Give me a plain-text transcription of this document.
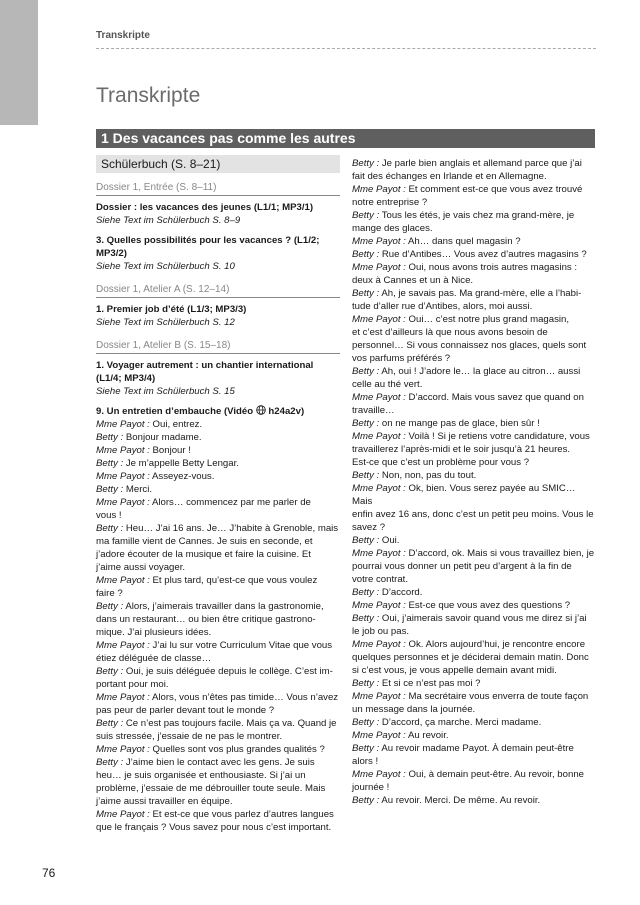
Transkripte
Transkripte
1 Des vacances pas comme les autres
Schülerbuch (S. 8–21)
Dossier 1, Entrée (S. 8–11)
Dossier : les vacances des jeunes (L1/1; MP3/1)
Siehe Text im Schülerbuch S. 8–9
3. Quelles possibilités pour les vacances ? (L1/2; MP3/2)
Siehe Text im Schülerbuch S. 10
Dossier 1, Atelier A (S. 12–14)
1. Premier job d’été (L1/3; MP3/3)
Siehe Text im Schülerbuch S. 12
Dossier 1, Atelier B (S. 15–18)
1. Voyager autrement : un chantier international
(L1/4; MP3/4)
Siehe Text im Schülerbuch S. 15
9. Un entretien d’embauche (Vidéo  h24a2v)
Mme Payot : Oui, entrez.
Betty : Bonjour madame.
Mme Payot : Bonjour !
Betty : Je m’appelle Betty Lengar.
Mme Payot : Asseyez-vous.
Betty : Merci.
Mme Payot : Alors… commencez par me parler de
vous !
Betty : Heu… J’ai 16 ans. Je… J’habite à Grenoble, mais
ma famille vient de Cannes. Je suis en seconde, et
j’adore écouter de la musique et faire la cuisine. Et
j’aime aussi voyager.
Mme Payot : Et plus tard, qu’est-ce que vous voulez
faire ?
Betty : Alors, j’aimerais travailler dans la gastronomie,
dans un restaurant… ou bien être critique gastrono-
mique. J’ai plusieurs idées.
Mme Payot : J’ai lu sur votre Curriculum Vitae que vous
étiez déléguée de classe…
Betty : Oui, je suis déléguée depuis le collège. C’est im-
portant pour moi.
Mme Payot : Alors, vous n’êtes pas timide… Vous n’avez
pas peur de parler devant tout le monde ?
Betty : Ce n’est pas toujours facile. Mais ça va. Quand je
suis stressée, j’essaie de ne pas le montrer.
Mme Payot : Quelles sont vos plus grandes qualités ?
Betty : J’aime bien le contact avec les gens. Je suis
heu… je suis organisée et enthousiaste. Si j’ai un
problème, j’essaie de me débrouiller toute seule. Mais
j’aime aussi travailler en équipe.
Mme Payot : Et est-ce que vous parlez d’autres langues
que le français ? Vous savez pour nous c’est important.
Betty : Je parle bien anglais et allemand parce que j’ai
fait des échanges en Irlande et en Allemagne.
Mme Payot : Et comment est-ce que vous avez trouvé
notre entreprise ?
Betty : Tous les étés, je vais chez ma grand-mère, je
mange des glaces.
Mme Payot : Ah… dans quel magasin ?
Betty : Rue d’Antibes… Vous avez d’autres magasins ?
Mme Payot : Oui, nous avons trois autres magasins :
deux à Cannes et un à Nice.
Betty : Ah, je savais pas. Ma grand-mère, elle a l’habi-
tude d’aller rue d’Antibes, alors, moi aussi.
Mme Payot : Oui… c’est notre plus grand magasin,
et c’est d’ailleurs là que nous avons besoin de
personnel… Si vous connaissez nos glaces, quels sont
vos parfums préférés ?
Betty : Ah, oui ! J’adore le… la glace au citron… aussi
celle au thé vert.
Mme Payot : D’accord. Mais vous savez que quand on
travaille…
Betty : on ne mange pas de glace, bien sûr !
Mme Payot : Voilà ! Si je retiens votre candidature, vous
travaillerez l’après-midi et le soir jusqu’à 21 heures.
Est-ce que c’est un problème pour vous ?
Betty : Non, non, pas du tout.
Mme Payot : Ok, bien. Vous serez payée au SMIC… Mais
enfin avez 16 ans, donc c’est un petit peu moins. Vous le
savez ?
Betty : Oui.
Mme Payot : D’accord, ok. Mais si vous travaillez bien, je
pourrai vous donner un petit peu d’argent à la fin de
votre contrat.
Betty : D’accord.
Mme Payot : Est-ce que vous avez des questions ?
Betty : Oui, j’aimerais savoir quand vous me direz si j’ai
le job ou pas.
Mme Payot : Ok. Alors aujourd’hui, je rencontre encore
quelques personnes et je déciderai demain matin. Donc
si c’est vous, je vous appelle demain avant midi.
Betty : Et si ce n’est pas moi ?
Mme Payot : Ma secrétaire vous enverra de toute façon
un message dans la journée.
Betty : D’accord, ça marche. Merci madame.
Mme Payot : Au revoir.
Betty : Au revoir madame Payot. À demain peut-être
alors !
Mme Payot : Oui, à demain peut-être. Au revoir, bonne
journée !
Betty : Au revoir. Merci. De même. Au revoir.
76
